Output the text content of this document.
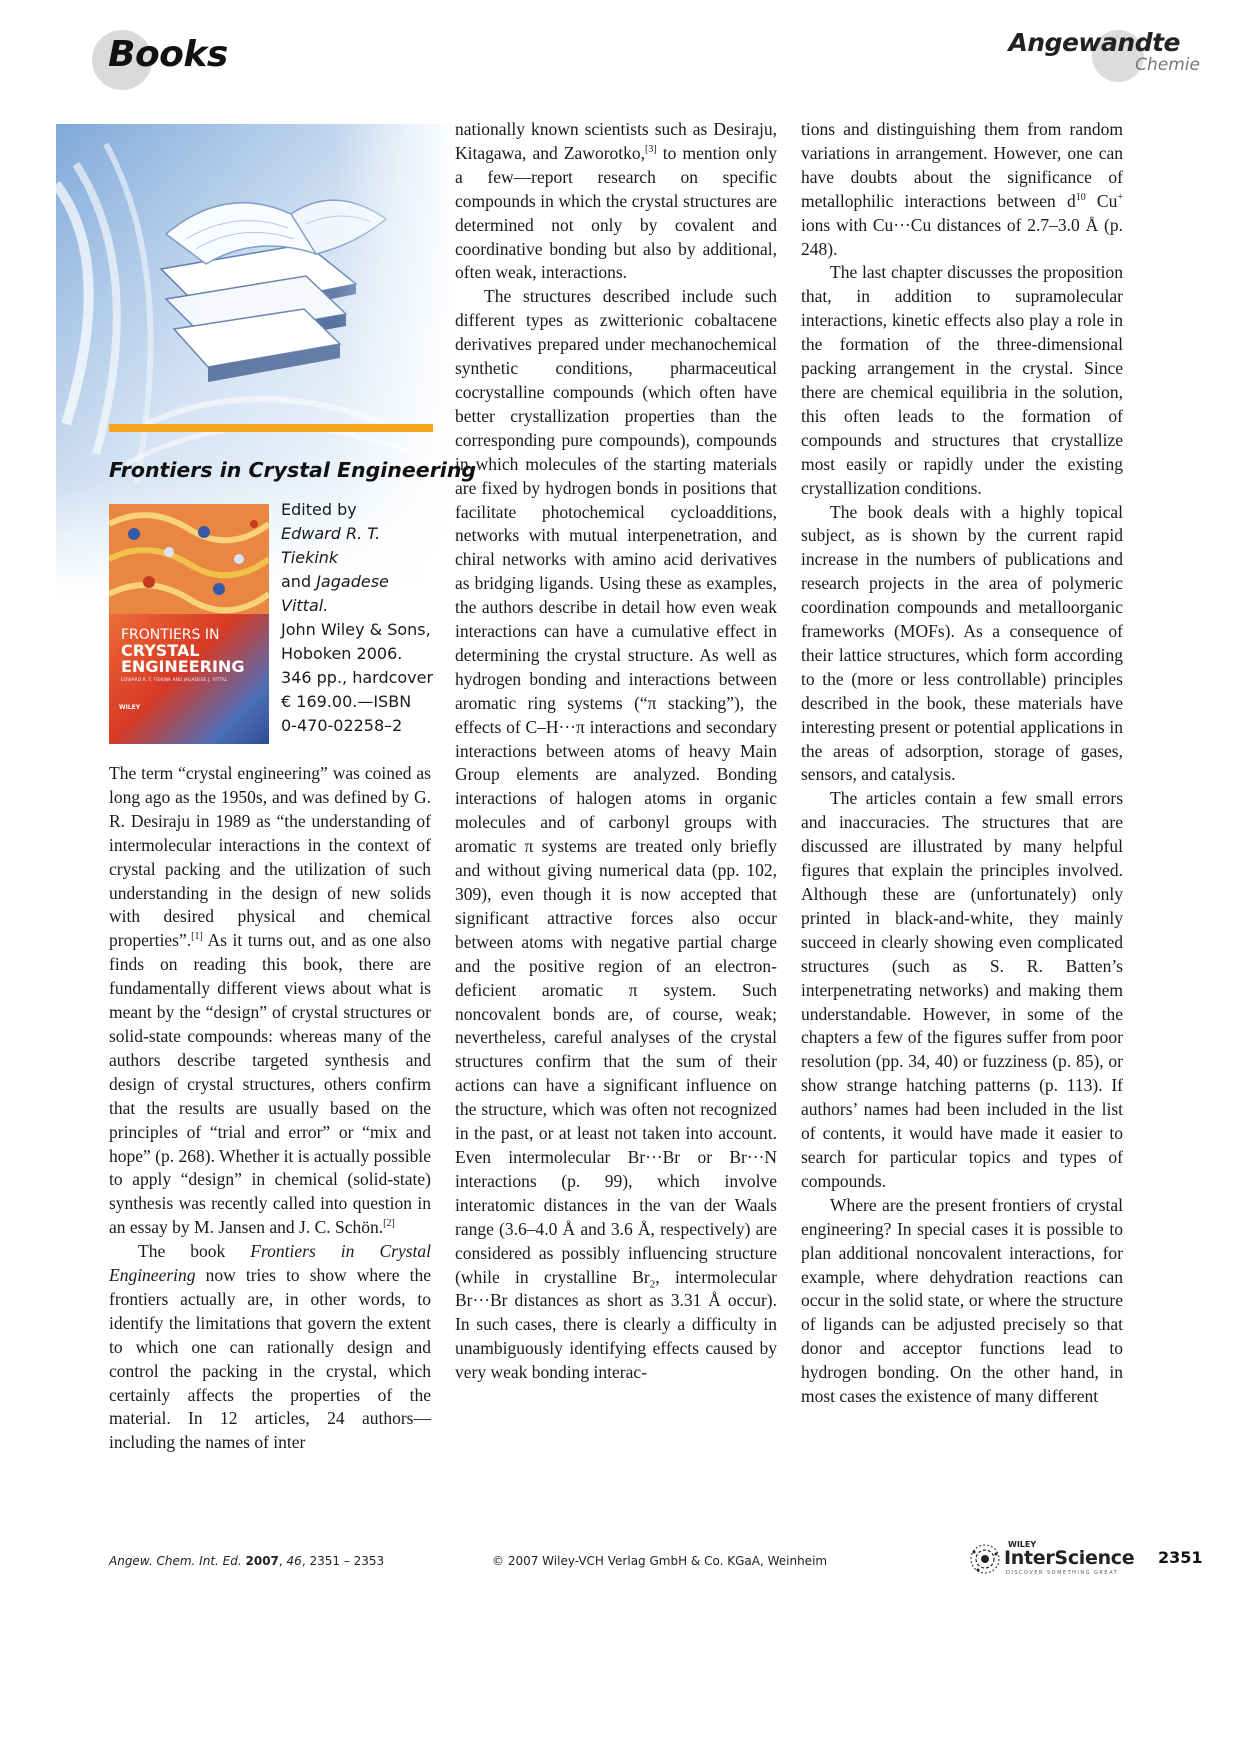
Books	Angewandte
Chemie
Frontiers in Crystal Engineering
FRONTIERS IN
CRYSTAL
ENGINEERING
EDWARD R. T. TIEKINK AND JAGADESE J. VITTAL
WILEY
Edited by
Edward R. T. Tiekink
and Jagadese Vittal.
John Wiley & Sons,
Hoboken 2006.
346 pp., hardcover
€ 169.00.—ISBN
0-470-02258–2

The term “crystal engineering” was coined as long ago as the 1950s, and was defined by G. R. Desiraju in 1989 as “the understanding of intermolecular interactions in the context of crystal packing and the utilization of such understanding in the design of new solids with desired physical and chemical properties”.[1] As it turns out, and as one also finds on reading this book, there are fundamentally different views about what is meant by the “design” of crystal structures or solid-state compounds: whereas many of the authors describe targeted synthesis and design of crystal structures, others confirm that the results are usually based on the principles of “trial and error” or “mix and hope” (p. 268). Whether it is actually possible to apply “design” in chemical (solid-state) synthesis was recently called into question in an essay by M. Jansen and J. C. Schön.[2]

The book Frontiers in Crystal Engineering now tries to show where the frontiers actually are, in other words, to identify the limitations that govern the extent to which one can rationally design and control the packing in the crystal, which certainly affects the properties of the material. In 12 articles, 24 authors—including the names of inter

nationally known scientists such as Desiraju, Kitagawa, and Zaworotko,[3] to mention only a few—report research on specific compounds in which the crystal structures are determined not only by covalent and coordinative bonding but also by additional, often weak, interactions.

The structures described include such different types as zwitterionic cobaltacene derivatives prepared under mechanochemical synthetic conditions, pharmaceutical cocrystalline compounds (which often have better crystallization properties than the corresponding pure compounds), compounds in which molecules of the starting materials are fixed by hydrogen bonds in positions that facilitate photochemical cycloadditions, networks with mutual interpenetration, and chiral networks with amino acid derivatives as bridging ligands. Using these as examples, the authors describe in detail how even weak interactions can have a cumulative effect in determining the crystal structure. As well as hydrogen bonding and interactions between aromatic ring systems (“π stacking”), the effects of C–H···π interactions and secondary interactions between atoms of heavy Main Group elements are analyzed. Bonding interactions of halogen atoms in organic molecules and of carbonyl groups with aromatic π systems are treated only briefly and without giving numerical data (pp. 102, 309), even though it is now accepted that significant attractive forces also occur between atoms with negative partial charge and the positive region of an electron-deficient aromatic π system. Such noncovalent bonds are, of course, weak; nevertheless, careful analyses of the crystal structures confirm that the sum of their actions can have a significant influence on the structure, which was often not recognized in the past, or at least not taken into account. Even intermolecular Br···Br or Br···N interactions (p. 99), which involve interatomic distances in the van der Waals range (3.6–4.0 Å and 3.6 Å, respectively) are considered as possibly influencing structure (while in crystalline $Br_2$, intermolecular Br···Br distances as short as 3.31 Å occur). In such cases, there is clearly a difficulty in unambiguously identifying effects caused by very weak bonding interac-

tions and distinguishing them from random variations in arrangement. However, one can have doubts about the significance of metallophilic interactions between $d^{10}$ Cu+ ions with Cu···Cu distances of 2.7–3.0 Å (p. 248).

The last chapter discusses the proposition that, in addition to supramolecular interactions, kinetic effects also play a role in the formation of the three-dimensional packing arrangement in the crystal. Since there are chemical equilibria in the solution, this often leads to the formation of compounds and structures that crystallize most easily or rapidly under the existing crystallization conditions.

The book deals with a highly topical subject, as is shown by the current rapid increase in the numbers of publications and research projects in the area of polymeric coordination compounds and metalloorganic frameworks (MOFs). As a consequence of their lattice structures, which form according to the (more or less controllable) principles described in the book, these materials have interesting present or potential applications in the areas of adsorption, storage of gases, sensors, and catalysis.

The articles contain a few small errors and inaccuracies. The structures that are discussed are illustrated by many helpful figures that explain the principles involved. Although these are (unfortunately) only printed in black-and-white, they mainly succeed in clearly showing even complicated structures (such as S. R. Batten’s interpenetrating networks) and making them understandable. However, in some of the chapters a few of the figures suffer from poor resolution (pp. 34, 40) or fuzziness (p. 85), or show strange hatching patterns (p. 113). If authors’ names had been included in the list of contents, it would have made it easier to search for particular topics and types of compounds.

Where are the present frontiers of crystal engineering? In special cases it is possible to plan additional noncovalent interactions, for example, where dehydration reactions can occur in the solid state, or where the structure of ligands can be adjusted precisely so that donor and acceptor functions lead to hydrogen bonding. On the other hand, in most cases the existence of many different

Angew. Chem. Int. Ed. 2007, 46, 2351 – 2353	© 2007 Wiley-VCH Verlag GmbH & Co. KGaA, Weinheim
WILEY
InterScience
DISCOVER SOMETHING GREAT
2351
